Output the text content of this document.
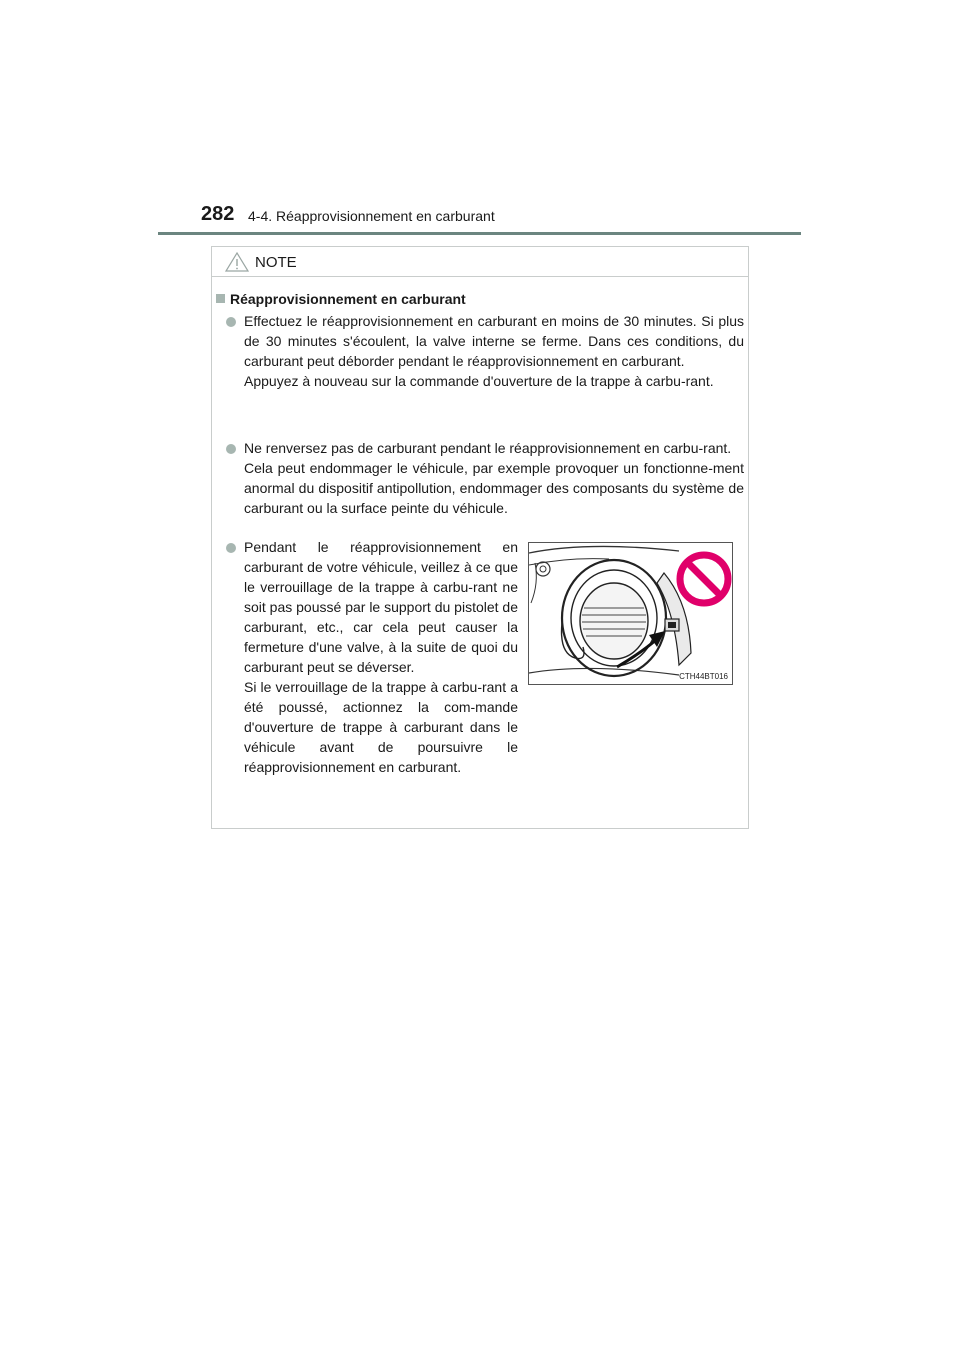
282 4-4. Réapprovisionnement en carburant
NOTE
Réapprovisionnement en carburant

Effectuez le réapprovisionnement en carburant en moins de 30 minutes. Si plus de 30 minutes s'écoulent, la valve interne se ferme. Dans ces conditions, du carburant peut déborder pendant le réapprovisionnement en carburant.

Appuyez à nouveau sur la commande d'ouverture de la trappe à carbu-rant.

Ne renversez pas de carburant pendant le réapprovisionnement en carbu-rant.

Cela peut endommager le véhicule, par exemple provoquer un fonctionne-ment anormal du dispositif antipollution, endommager des composants du système de carburant ou la surface peinte du véhicule.

Pendant le réapprovisionnement en carburant de votre véhicule, veillez à ce que le verrouillage de la trappe à carbu-rant ne soit pas poussé par le support du pistolet de carburant, etc., car cela peut causer la fermeture d'une valve, à la suite de quoi du carburant peut se déverser.

Si le verrouillage de la trappe à carbu-rant a été poussé, actionnez la com-mande d'ouverture de trappe à carburant dans le véhicule avant de poursuivre le réapprovisionnement en carburant.

CTH44BT016
